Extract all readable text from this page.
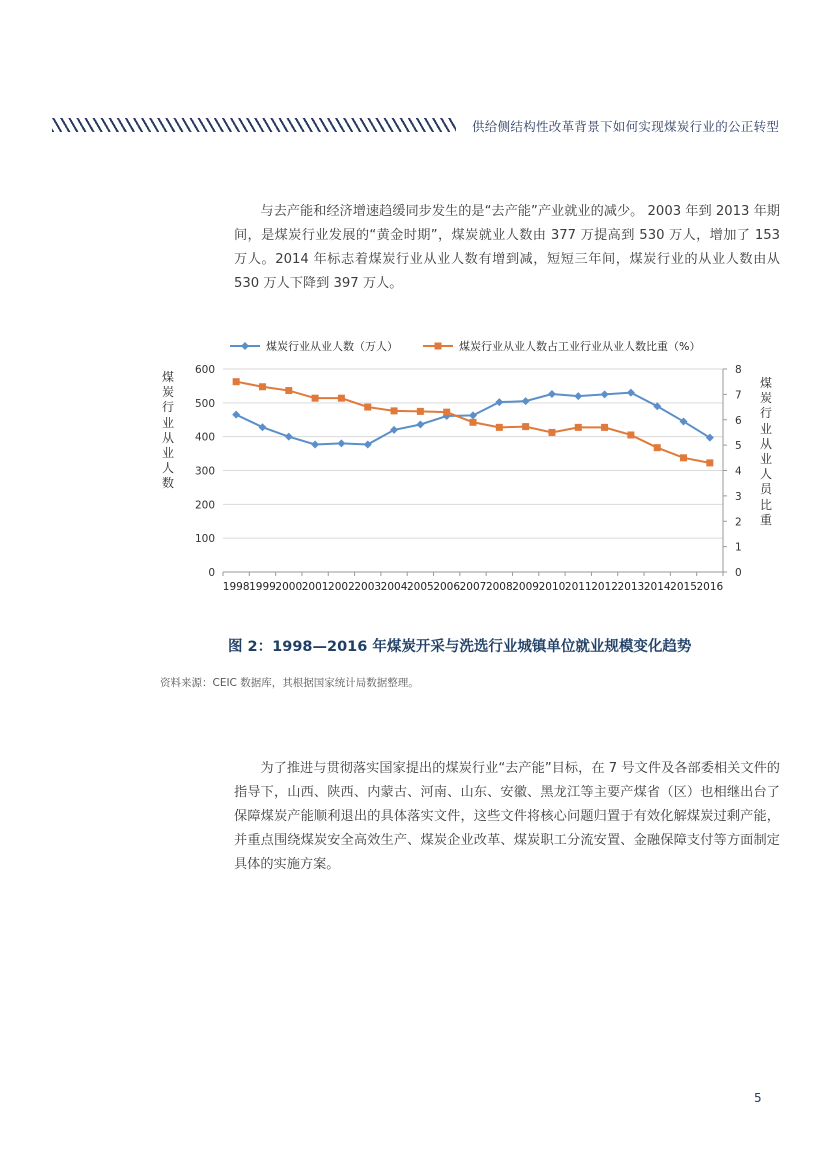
供给侧结构性改革背景下如何实现煤炭行业的公正转型

与去产能和经济增速趋缓同步发生的是“去产能”产业就业的减少。 2003 年到 2013 年期间，是煤炭行业发展的“黄金时期”，煤炭就业人数由 377 万提高到 530 万人，增加了 153 万人。2014 年标志着煤炭行业从业人数有增到减，短短三年间，煤炭行业的从业人数由从 530 万人下降到 397 万人。

煤炭行业从业人数（万人）	煤炭行业从业人数占工业行业从业人数比重（%）
0
100
200
300
400
500
600
0
1
2
3
4
5
6
7
8
1998 1999 2000 2001 2002 2003 2004 2005 2006 2007 2008 2009 2010 2011 2012 2013 2014 2015 2016
煤炭行业从业人数
煤炭行业从业人员比重
图 2：1998—2016 年煤炭开采与洗选行业城镇单位就业规模变化趋势
资料来源：CEIC 数据库，其根据国家统计局数据整理。

为了推进与贯彻落实国家提出的煤炭行业“去产能”目标，在 7 号文件及各部委相关文件的指导下，山西、陕西、内蒙古、河南、山东、安徽、黑龙江等主要产煤省（区）也相继出台了保障煤炭产能顺利退出的具体落实文件，这些文件将核心问题归置于有效化解煤炭过剩产能，并重点围绕煤炭安全高效生产、煤炭企业改革、煤炭职工分流安置、金融保障支付等方面制定具体的实施方案。

5
